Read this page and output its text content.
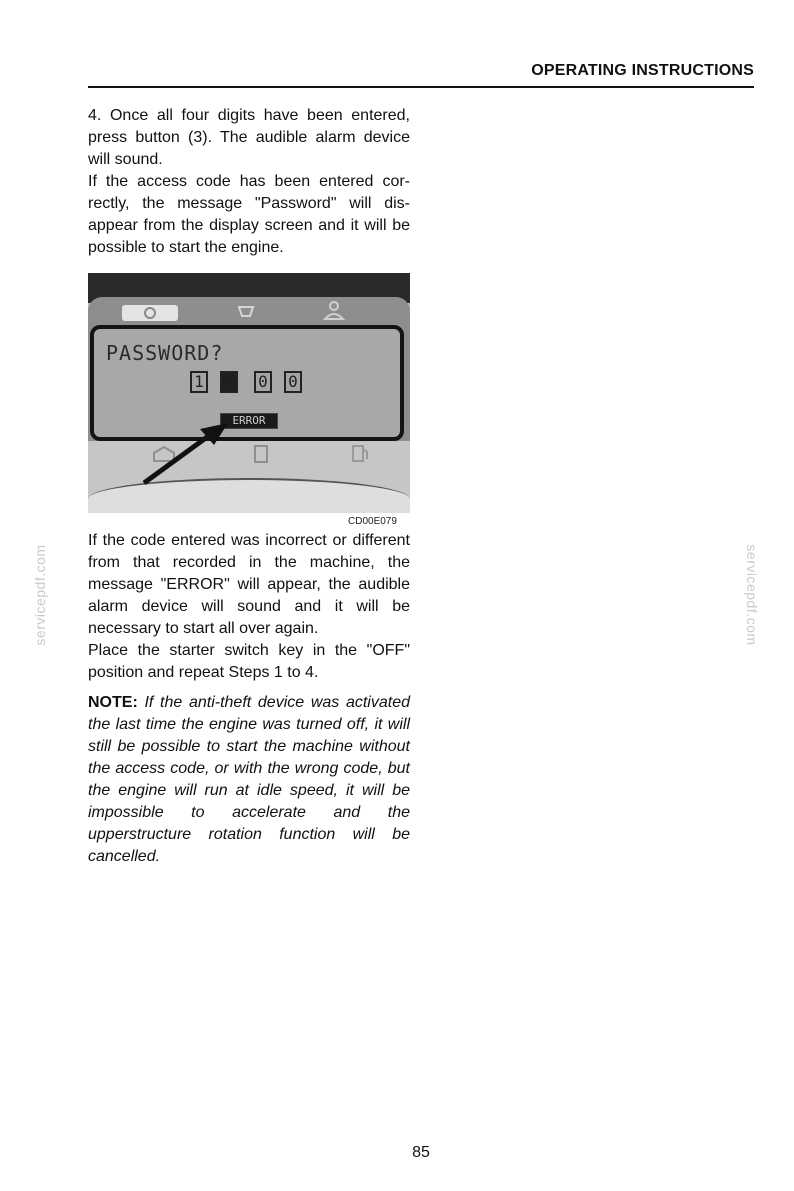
OPERATING INSTRUCTIONS

4. Once all four digits have been entered, press button (3). The audible alarm device will sound.

If the access code has been entered correctly, the message "Password" will disappear from the display screen and it will be possible to start the engine.

PASSWORD?
1	0 0
ERROR
CD00E079

If the code entered was incorrect or different from that recorded in the machine, the message "ERROR" will appear, the audible alarm device will sound and it will be necessary to start all over again.

Place the starter switch key in the "OFF" position and repeat Steps 1 to 4.

NOTE: If the anti-theft device was activated the last time the engine was turned off, it will still be possible to start the machine without the access code, or with the wrong code, but the engine will run at idle speed, it will be impossible to accelerate and the upperstructure rotation function will be cancelled.

servicepdf.com	servicepdf.com
85
